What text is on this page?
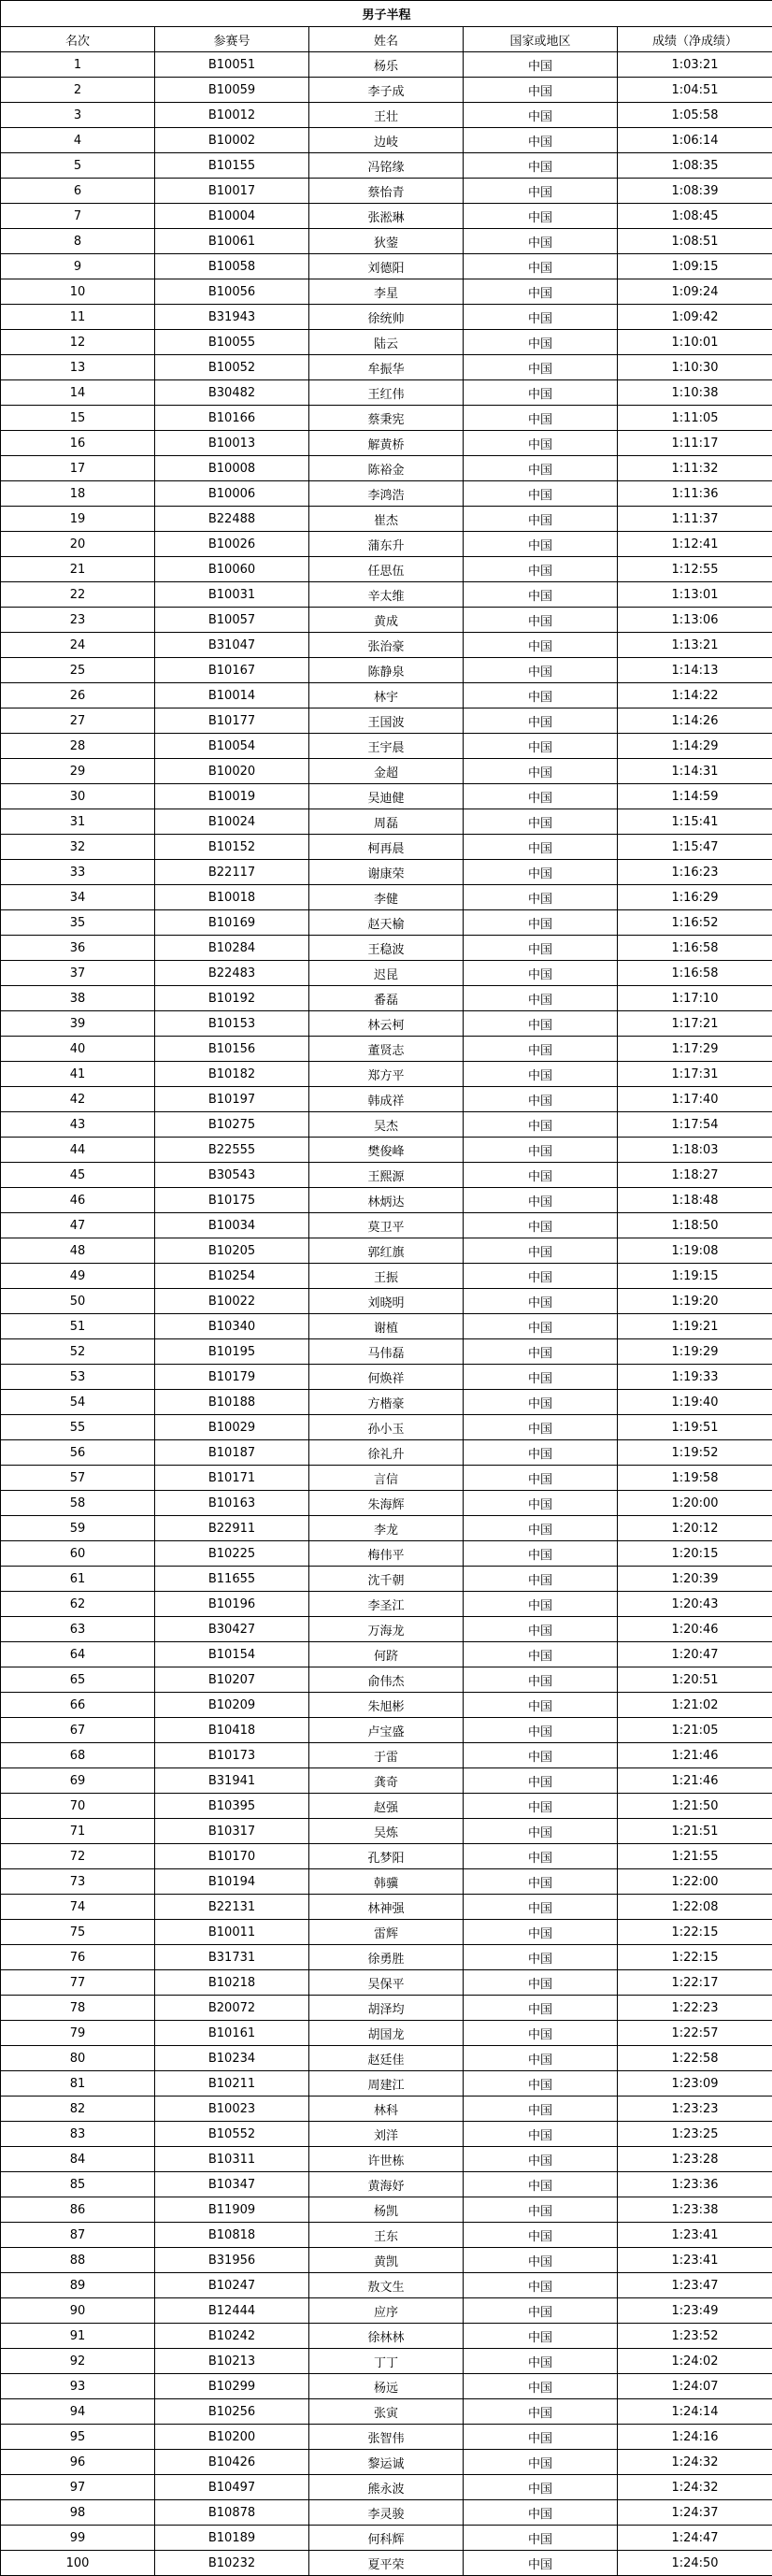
男子半程				
名次	参赛号	姓名	国家或地区	成绩（净成绩）
1	B10051	杨乐	中国	1:03:21
2	B10059	李子成	中国	1:04:51
3	B10012	王壮	中国	1:05:58
4	B10002	边岐	中国	1:06:14
5	B10155	冯铭缘	中国	1:08:35
6	B10017	蔡怡青	中国	1:08:39
7	B10004	张淞琳	中国	1:08:45
8	B10061	狄蓥	中国	1:08:51
9	B10058	刘德阳	中国	1:09:15
10	B10056	李星	中国	1:09:24
11	B31943	徐统帅	中国	1:09:42
12	B10055	陆云	中国	1:10:01
13	B10052	牟振华	中国	1:10:30
14	B30482	王红伟	中国	1:10:38
15	B10166	蔡秉宪	中国	1:11:05
16	B10013	解黄桥	中国	1:11:17
17	B10008	陈裕金	中国	1:11:32
18	B10006	李鸿浩	中国	1:11:36
19	B22488	崔杰	中国	1:11:37
20	B10026	蒲东升	中国	1:12:41
21	B10060	任思伍	中国	1:12:55
22	B10031	辛太维	中国	1:13:01
23	B10057	黄成	中国	1:13:06
24	B31047	张治豪	中国	1:13:21
25	B10167	陈静泉	中国	1:14:13
26	B10014	林宇	中国	1:14:22
27	B10177	王国波	中国	1:14:26
28	B10054	王宇晨	中国	1:14:29
29	B10020	金超	中国	1:14:31
30	B10019	吴迪健	中国	1:14:59
31	B10024	周磊	中国	1:15:41
32	B10152	柯再晨	中国	1:15:47
33	B22117	谢康荣	中国	1:16:23
34	B10018	李健	中国	1:16:29
35	B10169	赵天榆	中国	1:16:52
36	B10284	王稳波	中国	1:16:58
37	B22483	迟昆	中国	1:16:58
38	B10192	番磊	中国	1:17:10
39	B10153	林云柯	中国	1:17:21
40	B10156	董贤志	中国	1:17:29
41	B10182	郑方平	中国	1:17:31
42	B10197	韩成祥	中国	1:17:40
43	B10275	吴杰	中国	1:17:54
44	B22555	樊俊峰	中国	1:18:03
45	B30543	王熙源	中国	1:18:27
46	B10175	林炳达	中国	1:18:48
47	B10034	莫卫平	中国	1:18:50
48	B10205	郭红旗	中国	1:19:08
49	B10254	王振	中国	1:19:15
50	B10022	刘晓明	中国	1:19:20
51	B10340	谢植	中国	1:19:21
52	B10195	马伟磊	中国	1:19:29
53	B10179	何焕祥	中国	1:19:33
54	B10188	方楷豪	中国	1:19:40
55	B10029	孙小玉	中国	1:19:51
56	B10187	徐礼升	中国	1:19:52
57	B10171	言信	中国	1:19:58
58	B10163	朱海辉	中国	1:20:00
59	B22911	李龙	中国	1:20:12
60	B10225	梅伟平	中国	1:20:15
61	B11655	沈千朝	中国	1:20:39
62	B10196	李圣江	中国	1:20:43
63	B30427	万海龙	中国	1:20:46
64	B10154	何跻	中国	1:20:47
65	B10207	俞伟杰	中国	1:20:51
66	B10209	朱旭彬	中国	1:21:02
67	B10418	卢宝盛	中国	1:21:05
68	B10173	于雷	中国	1:21:46
69	B31941	龚奇	中国	1:21:46
70	B10395	赵强	中国	1:21:50
71	B10317	吴炼	中国	1:21:51
72	B10170	孔梦阳	中国	1:21:55
73	B10194	韩骥	中国	1:22:00
74	B22131	林神强	中国	1:22:08
75	B10011	雷辉	中国	1:22:15
76	B31731	徐勇胜	中国	1:22:15
77	B10218	吴保平	中国	1:22:17
78	B20072	胡泽均	中国	1:22:23
79	B10161	胡国龙	中国	1:22:57
80	B10234	赵廷佳	中国	1:22:58
81	B10211	周建江	中国	1:23:09
82	B10023	林科	中国	1:23:23
83	B10552	刘洋	中国	1:23:25
84	B10311	许世栋	中国	1:23:28
85	B10347	黄海妤	中国	1:23:36
86	B11909	杨凯	中国	1:23:38
87	B10818	王东	中国	1:23:41
88	B31956	黄凯	中国	1:23:41
89	B10247	敖文生	中国	1:23:47
90	B12444	应序	中国	1:23:49
91	B10242	徐林林	中国	1:23:52
92	B10213	丁丁	中国	1:24:02
93	B10299	杨远	中国	1:24:07
94	B10256	张寅	中国	1:24:14
95	B10200	张智伟	中国	1:24:16
96	B10426	黎运诚	中国	1:24:32
97	B10497	熊永波	中国	1:24:32
98	B10878	李灵骏	中国	1:24:37
99	B10189	何科辉	中国	1:24:47
100	B10232	夏平荣	中国	1:24:50
